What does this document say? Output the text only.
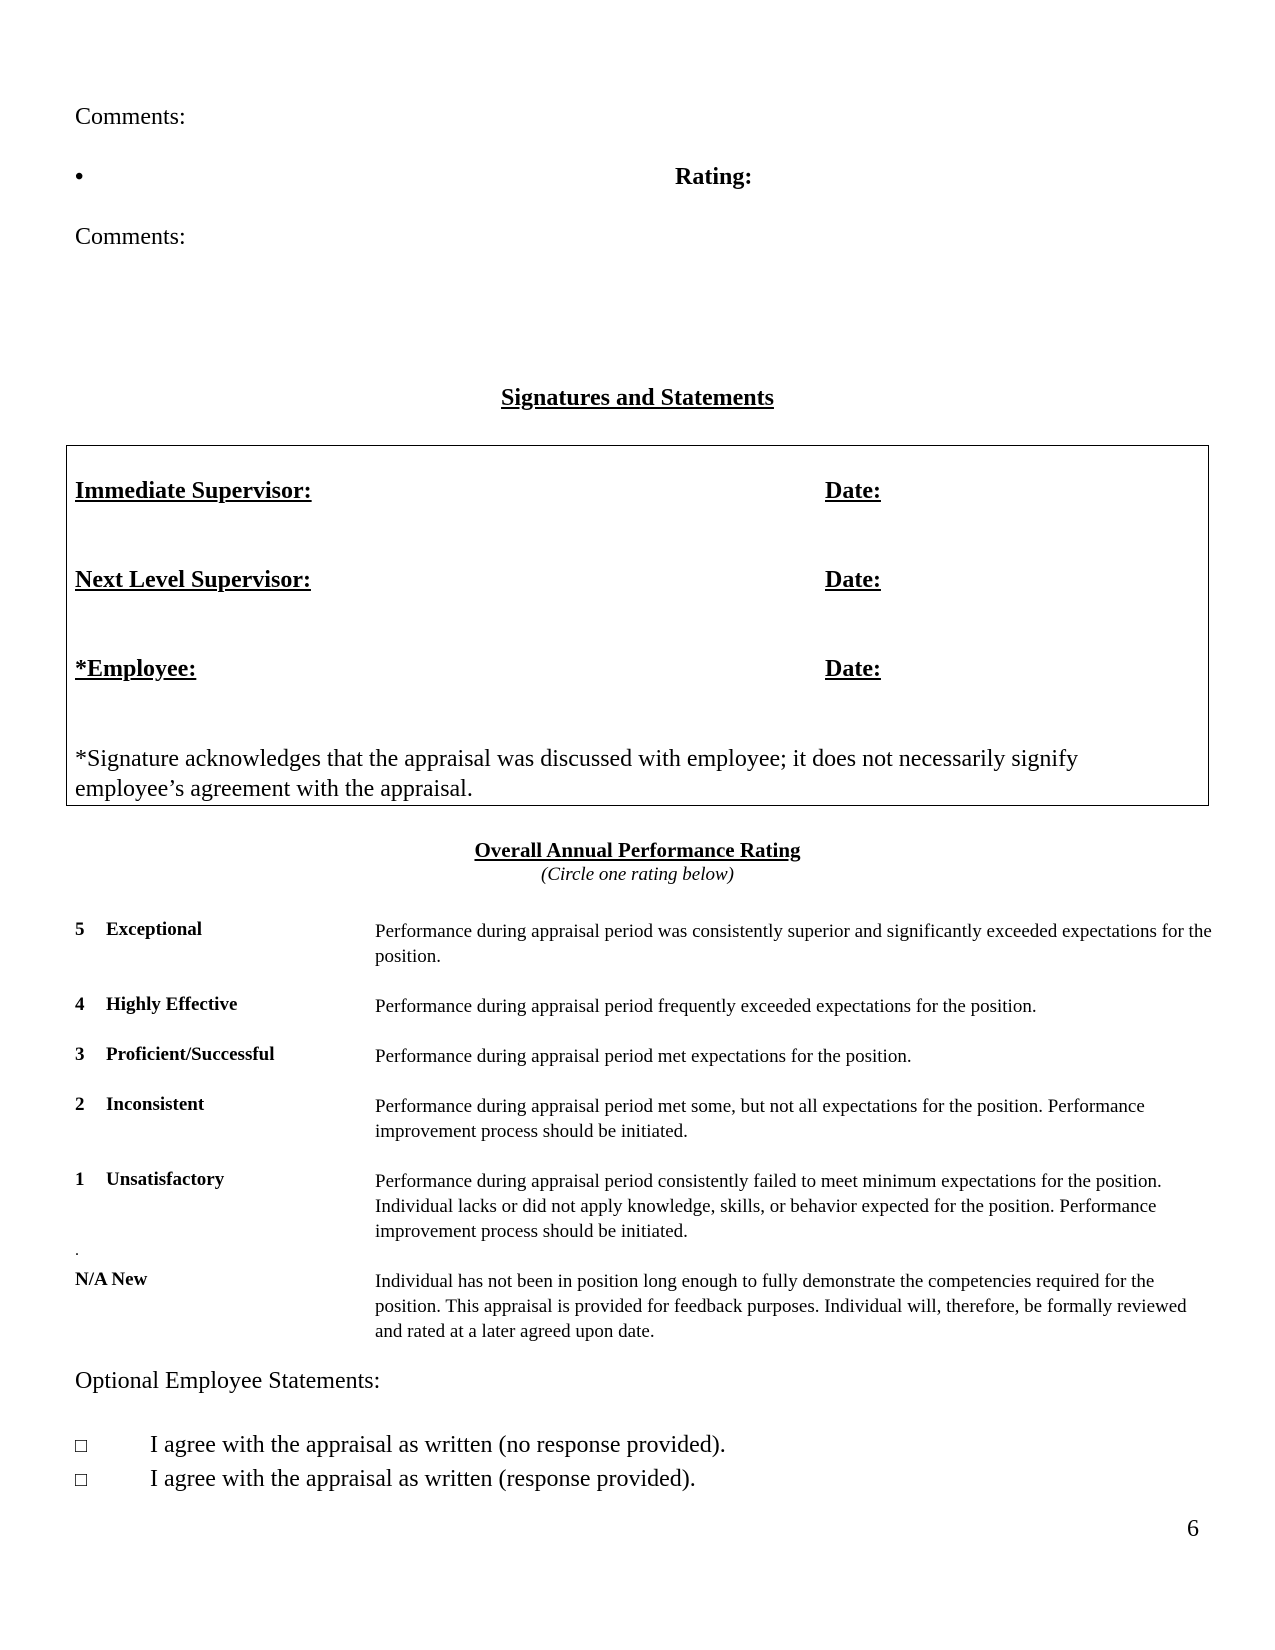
Comments:
•	Rating:
Comments:
Signatures and Statements
Immediate Supervisor:	Date:
Next Level Supervisor:	Date:
*Employee:	Date:
*Signature acknowledges that the appraisal was discussed with employee; it does not necessarily signify employee’s agreement with the appraisal.
Overall Annual Performance Rating
(Circle one rating below)
5 Exceptional	Performance during appraisal period was consistently superior and significantly exceeded expectations for the position.
4 Highly Effective	Performance during appraisal period frequently exceeded expectations for the position.
3 Proficient/Successful	Performance during appraisal period met expectations for the position.
2 Inconsistent	Performance during appraisal period met some, but not all expectations for the position. Performance improvement process should be initiated.
1 Unsatisfactory	Performance during appraisal period consistently failed to meet minimum expectations for the position. Individual lacks or did not apply knowledge, skills, or behavior expected for the position. Performance improvement process should be initiated.
.
N/A New	Individual has not been in position long enough to fully demonstrate the competencies required for the position. This appraisal is provided for feedback purposes. Individual will, therefore, be formally reviewed and rated at a later agreed upon date.
Optional Employee Statements:
□	I agree with the appraisal as written (no response provided).
□	I agree with the appraisal as written (response provided).
6
